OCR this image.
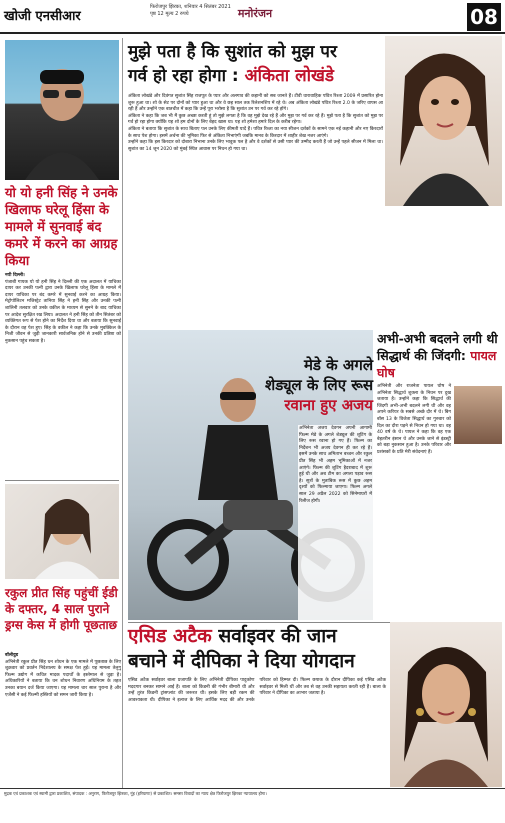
खोजी एनसीआर
फिरोजपुर झिरका, शनिवार 4 सितंबर 2021
पृष्ठ 12 मूल्य 2 रुपये	मनोरंजन	08
यो यो हनी सिंह ने उनके खिलाफ घरेलू हिंसा के मामले में सुनवाई बंद कमरे में करने का आग्रह किया
नयी दिल्ली।
पंजाबी गायक यो यो हनी सिंह ने दिल्ली की एक अदालत में याचिका दायर कर उनकी पत्नी द्वारा उनके खिलाफ घरेलू हिंसा के मामले में दायर याचिका पर बंद कमरे में सुनवाई करने का आग्रह किया। मेट्रोपोलिटन मजिस्ट्रेट तानिया सिंह ने हनी सिंह और उनकी पत्नी शालिनी तलवार को उनके वकील के माध्यम से सुनने के बाद याचिका पर आदेश सुरक्षित रख लिया। अदालत ने हनी सिंह को तीन सितंबर को व्यक्तिगत रूप से पेश होने का निर्देश दिया था और बताया कि सुनवाई के दौरान वह पेश हुए। सिंह के वकील ने कहा कि उनके मुवक्किल के निजी जीवन से जुड़ी जानकारी सार्वजनिक होने से उनकी प्रतिष्ठा को नुकसान पहुंच सकता है।
रकुल प्रीत सिंह पहुंचीं ईडी के दफ्तर, 4 साल पुराने ड्रग्स केस में होगी पूछताछ
बॉलीवुड
अभिनेत्री रकुल प्रीत सिंह धन शोधन के एक मामले में पूछताछ के लिए शुक्रवार को प्रवर्तन निदेशालय के समक्ष पेश हुईं। यह मामला तेलुगु फिल्म उद्योग में कथित मादक पदार्थों के इस्तेमाल से जुड़ा है। अधिकारियों ने बताया कि धन शोधन निवारण अधिनियम के तहत उनका बयान दर्ज किया जाएगा। यह मामला चार साल पुराना है और एजेंसी ने कई फिल्मी हस्तियों को समन जारी किया है।
मुझे पता है कि सुशांत को मुझ पर
गर्व हो रहा होगा : अंकिता लोखंडे
अंकिता लोखंडे और दिवंगत सुशांत सिंह राजपूत के प्यार और अलगाव की कहानी को सब जानते हैं। टीवी धारावाहिक पवित्र रिश्ता 2009 में प्रसारित होना शुरू हुआ था। शो के सेट पर दोनों को प्यार हुआ था और वे छह साल तक रिलेशनशिप में रहे थे। अब अंकिता लोखंडे पवित्र रिश्ता 2.0 के जरिए वापस आ रही हैं और उन्होंने एक बातचीत में कहा कि उन्हें पूरा भरोसा है कि सुशांत उन पर गर्व कर रहे होंगे।
अंकिता ने कहा कि जब भी मैं कुछ अच्छा करती हूं तो मुझे लगता है कि वह मुझे देख रहे हैं और मुझ पर गर्व कर रहे हैं। मुझे पता है कि सुशांत को मुझ पर गर्व हो रहा होगा क्योंकि यह शो हम दोनों के लिए बेहद खास था। यह शो हमेशा हमारे दिल के करीब रहेगा।
अंकिता ने बताया कि सुशांत के साथ बिताए पल उनके लिए कीमती यादें हैं। पवित्र रिश्ता का नया सीजन दर्शकों के सामने एक नई कहानी और नए किरदारों के साथ पेश होगा। इसमें अर्चना की भूमिका फिर से अंकिता निभाएंगी जबकि मानव के किरदार में शाहीर शेख नजर आएंगे।
उन्होंने कहा कि इस किरदार को दोबारा निभाना उनके लिए भावुक पल है और वे दर्शकों से उसी प्यार की उम्मीद करती हैं जो उन्हें पहले सीजन में मिला था। सुशांत का 14 जून 2020 को मुंबई स्थित आवास पर निधन हो गया था।
अभी-अभी बदलने लगी थी सिद्धार्थ की जिंदगी: पायल घोष
अभिनेत्री और राजनेता पायल घोष ने अभिनेता सिद्धार्थ शुक्ला के निधन पर दुख जताया है। उन्होंने कहा कि सिद्धार्थ की जिंदगी अभी-अभी बदलने लगी थी और वह अपने करियर के सबसे अच्छे दौर में थे। बिग बॉस 13 के विजेता सिद्धार्थ का गुरुवार को दिल का दौरा पड़ने से निधन हो गया था। वह 40 वर्ष के थे। पायल ने कहा कि वह एक बेहतरीन इंसान थे और उनके जाने से इंडस्ट्री को बड़ा नुकसान हुआ है। उनके परिवार और प्रशंसकों के प्रति मेरी संवेदनाएं हैं।
मेडे के अगले शेड्यूल के लिए रूस
रवाना हुए अजय
अभिनेता अजय देवगन अपनी आगामी फिल्म मेडे के अगले शेड्यूल की शूटिंग के लिए रूस रवाना हो गए हैं। फिल्म का निर्देशन भी अजय देवगन ही कर रहे हैं। इसमें उनके साथ अमिताभ बच्चन और रकुल प्रीत सिंह भी अहम भूमिकाओं में नजर आएंगे। फिल्म की शूटिंग हैदराबाद में शुरू हुई थी और अब टीम का अगला पड़ाव रूस है। सूत्रों के मुताबिक रूस में कुछ अहम दृश्यों को फिल्माया जाएगा। फिल्म अगले साल 29 अप्रैल 2022 को सिनेमाघरों में रिलीज होगी।
एसिड अटैक सर्वाइवर की जान
बचाने में दीपिका ने दिया योगदान
एसिड अटैक सर्वाइवर बाला प्रजापति के लिए अभिनेत्री दीपिका पादुकोण मददगार बनकर सामने आई हैं। बाला को किडनी की गंभीर बीमारी थी और उन्हें तुरंत किडनी ट्रांसप्लांट की जरूरत थी। इसके लिए बड़ी रकम की आवश्यकता थी। दीपिका ने इलाज के लिए आर्थिक मदद की और उनके परिवार को हिम्मत दी। फिल्म छपाक के दौरान दीपिका कई एसिड अटैक सर्वाइवर से मिली थीं और तब से वह उनकी सहायता करती रही हैं। बाला के परिवार ने दीपिका का आभार जताया है।
मुद्रक एवं प्रकाशक एवं स्वामी द्वारा प्रकाशित, संपादक : अनुराग, फिरोजपुर झिरका, नूंह (हरियाणा) से प्रकाशित। समस्त विवादों का न्याय क्षेत्र फिरोजपुर झिरका न्यायालय होगा।
